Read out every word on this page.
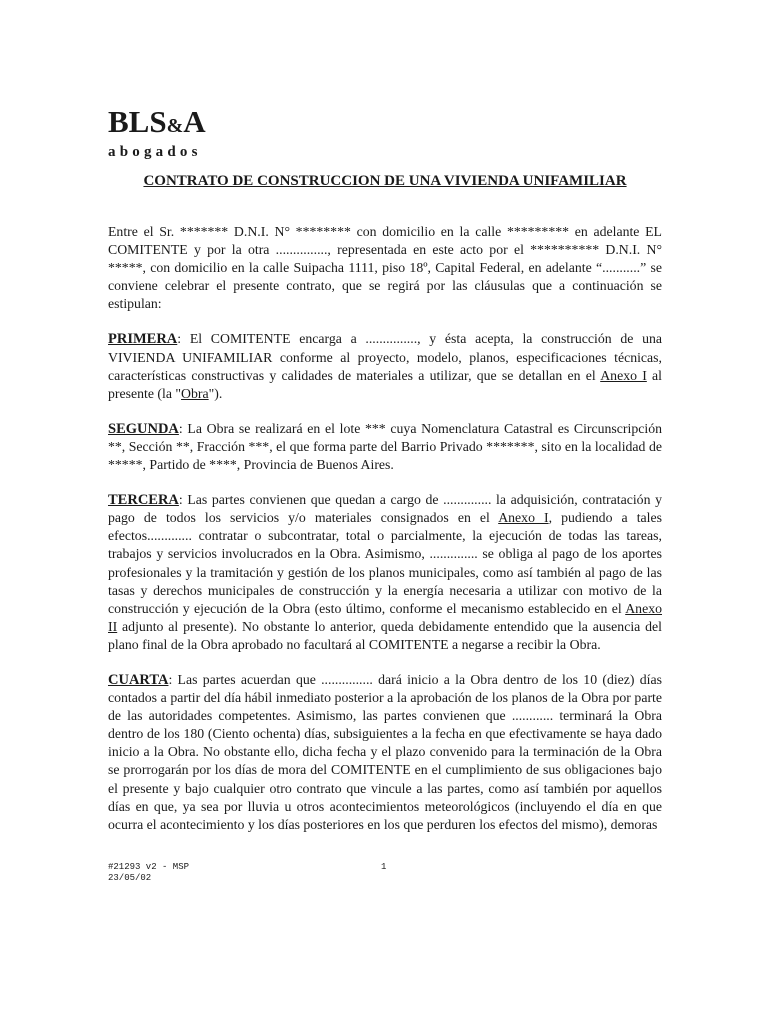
BLS&A
abogados
CONTRATO DE CONSTRUCCION DE UNA VIVIENDA UNIFAMILIAR

Entre el Sr. ******* D.N.I. N° ******** con domicilio en la calle ********* en adelante EL COMITENTE y por la otra ..............., representada en este acto por el ********** D.N.I. N° *****, con domicilio en la calle Suipacha 1111, piso 18º, Capital Federal, en adelante “...........” se conviene celebrar el presente contrato, que se regirá por las cláusulas que a continuación se estipulan:

PRIMERA: El COMITENTE encarga a ..............., y ésta acepta, la construcción de una VIVIENDA UNIFAMILIAR conforme al proyecto, modelo, planos, especificaciones técnicas, características constructivas y calidades de materiales a utilizar, que se detallan en el Anexo I al presente (la "Obra").

SEGUNDA: La Obra se realizará en el lote *** cuya Nomenclatura Catastral es Circunscripción **, Sección **, Fracción ***, el que forma parte del Barrio Privado *******, sito en la localidad de *****, Partido de ****, Provincia de Buenos Aires.

TERCERA: Las partes convienen que quedan a cargo de .............. la adquisición, contratación y pago de todos los servicios y/o materiales consignados en el Anexo I, pudiendo a tales efectos............. contratar o subcontratar, total o parcialmente, la ejecución de todas las tareas, trabajos y servicios involucrados en la Obra. Asimismo, .............. se obliga al pago de los aportes profesionales y la tramitación y gestión de los planos municipales, como así también al pago de las tasas y derechos municipales de construcción y la energía necesaria a utilizar con motivo de la construcción y ejecución de la Obra (esto último, conforme el mecanismo establecido en el Anexo II adjunto al presente). No obstante lo anterior, queda debidamente entendido que la ausencia del plano final de la Obra aprobado no facultará al COMITENTE a negarse a recibir la Obra.

CUARTA: Las partes acuerdan que ............... dará inicio a la Obra dentro de los 10 (diez) días contados a partir del día hábil inmediato posterior a la aprobación de los planos de la Obra por parte de las autoridades competentes. Asimismo, las partes convienen que ............ terminará la Obra dentro de los 180 (Ciento ochenta) días, subsiguientes a la fecha en que efectivamente se haya dado inicio a la Obra. No obstante ello, dicha fecha y el plazo convenido para la terminación de la Obra se prorrogarán por los días de mora del COMITENTE en el cumplimiento de sus obligaciones bajo el presente y bajo cualquier otro contrato que vincule a las partes, como así también por aquellos días en que, ya sea por lluvia u otros acontecimientos meteorológicos (incluyendo el día en que ocurra el acontecimiento y los días posteriores en los que perduren los efectos del mismo), demoras

#21293 v2 - MSP
23/05/02
1
